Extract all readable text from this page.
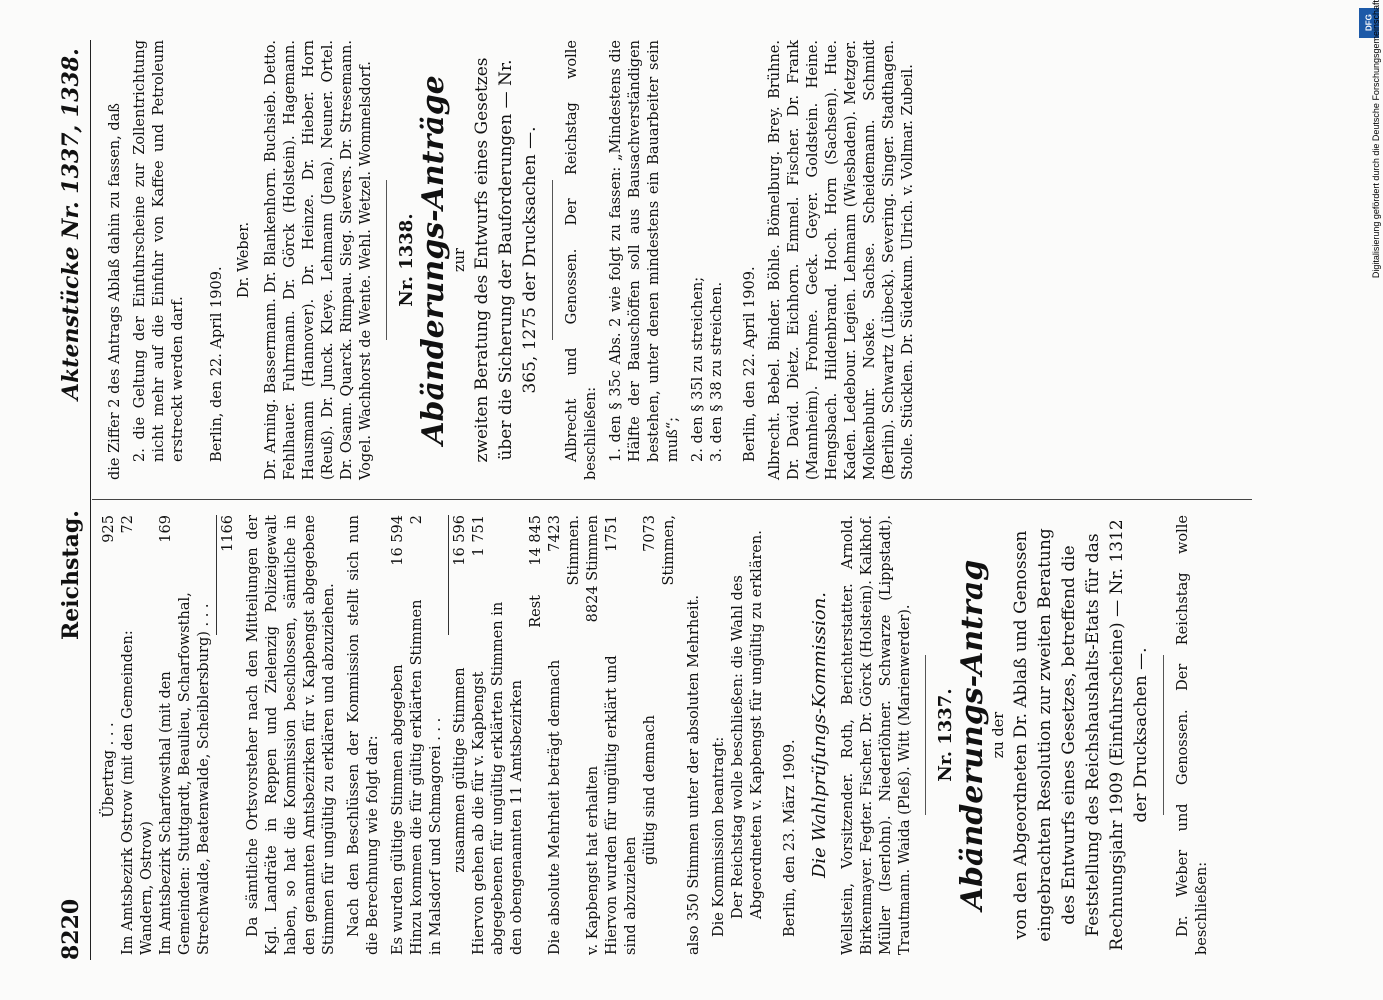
8220
Reichstag.
Aktenstücke Nr. 1337, 1338.
Übertrag . . .
925
Im Amtsbezirk Ostrow (mit den Gemeinden: Wandern, Ostrow)
72
Im Amtsbezirk Scharfowsthal (mit den Gemeinden: Stuttgardt, Beaulieu, Scharfowsthal, Strechwalde, Beatenwalde, Scheiblersburg) . . .
169	1166 Da sämtliche Ortsvorsteher nach den Mitteilungen der Kgl. Landräte in Reppen und Zielenzig Polizeigewalt haben, so hat die Kommission beschlossen, sämtliche in den genannten Amtsbezirken für v. Kapbengst abgegebene Stimmen für ungültig zu erklären und abzuziehen. Nach den Beschlüssen der Kommission stellt sich nun die Berechnung wie folgt dar: Es wurden gültige Stimmen abgegeben
16 594
Hinzu kommen die für gültig erklärten Stimmen in Malsdorf und Schmagorei . . .
2
zusammen gültige Stimmen
16 596
Hiervon gehen ab die für v. Kapbengst abgegebenen für ungültig erklärten Stimmen in den obengenannten 11 Amtsbezirken
1 751
Rest
14 845
Die absolute Mehrheit beträgt demnach
7423 Stimmen.
v. Kapbengst hat erhalten
8824 Stimmen
Hiervon wurden für ungültig erklärt und sind abzuziehen
1751
gültig sind demnach
7073 Stimmen,

also 350 Stimmen unter der absoluten Mehrheit. Die Kommission beantragt: Der Reichstag wolle beschließen: die Wahl des Abgeordneten v. Kapbengst für ungültig zu erklären. Berlin, den 23. März 1909. Die Wahlprüfungs-Kommission. Wellstein, Vorsitzender. Roth, Berichterstatter. Arnold. Birkenmayer. Fegter. Fischer. Dr. Görck (Holstein). Kalkhof. Müller (Iserlohn). Niederlöhner. Schwarze (Lippstadt). Trautmann. Waida (Pleß). Witt (Marienwerder). Nr. 1337. Abänderungs-Antrag zu der von den Abgeordneten Dr. Ablaß und Genossen eingebrachten Resolution zur zweiten Beratung des Entwurfs eines Gesetzes, betreffend die Feststellung des Reichshaushalts-Etats für das Rechnungsjahr 1909 (Einfuhrscheine) — Nr. 1312 der Drucksachen —. Dr. Weber und Genossen. Der Reichstag wolle beschließen:

die Ziffer 2 des Antrags Ablaß dahin zu fassen, daß 2. die Geltung der Einfuhrscheine zur Zollentrichtung nicht mehr auf die Einfuhr von Kaffee und Petroleum erstreckt werden darf. Berlin, den 22. April 1909.
Dr. Weber. Dr. Arning. Bassermann. Dr. Blankenhorn. Buchsieb. Detto. Fehlhauer. Fuhrmann. Dr. Görck (Holstein). Hagemann. Hausmann (Hannover). Dr. Heinze. Dr. Hieber. Horn (Reuß). Dr. Junck. Kleye. Lehmann (Jena). Neuner. Ortel. Dr. Osann. Quarck. Rimpau. Sieg. Sievers. Dr. Stresemann. Vogel. Wachhorst de Wente. Wehl. Wetzel. Wommelsdorf. Nr. 1338. Abänderungs-Anträge zur zweiten Beratung des Entwurfs eines Gesetzes über die Sicherung der Bauforderungen — Nr. 365, 1275 der Drucksachen —. Albrecht und Genossen. Der Reichstag wolle beschließen: 1. den § 35c Abs. 2 wie folgt zu fassen: „Mindestens die Hälfte der Bauschöffen soll aus Bausachverständigen bestehen, unter denen mindestens ein Bauarbeiter sein muß“; 2. den § 35l zu streichen; 3. den § 38 zu streichen. Berlin, den 22. April 1909. Albrecht. Bebel. Binder. Böhle. Bömelburg. Brey. Brühne. Dr. David. Dietz. Eichhorn. Emmel. Fischer. Dr. Frank (Mannheim). Frohme. Geck. Geyer. Goldstein. Heine. Hengsbach. Hildenbrand. Hoch. Horn (Sachsen). Hue. Kaden. Ledebour. Legien. Lehmann (Wiesbaden). Metzger. Molkenbuhr. Noske. Sachse. Scheidemann. Schmidt (Berlin). Schwartz (Lübeck). Severing. Singer. Stadthagen. Stolle. Stücklen. Dr. Südekum. Ulrich. v. Vollmar. Zubeil.

DFG
Digitalisierung gefördert durch die Deutsche Forschungsgemeinschaft
